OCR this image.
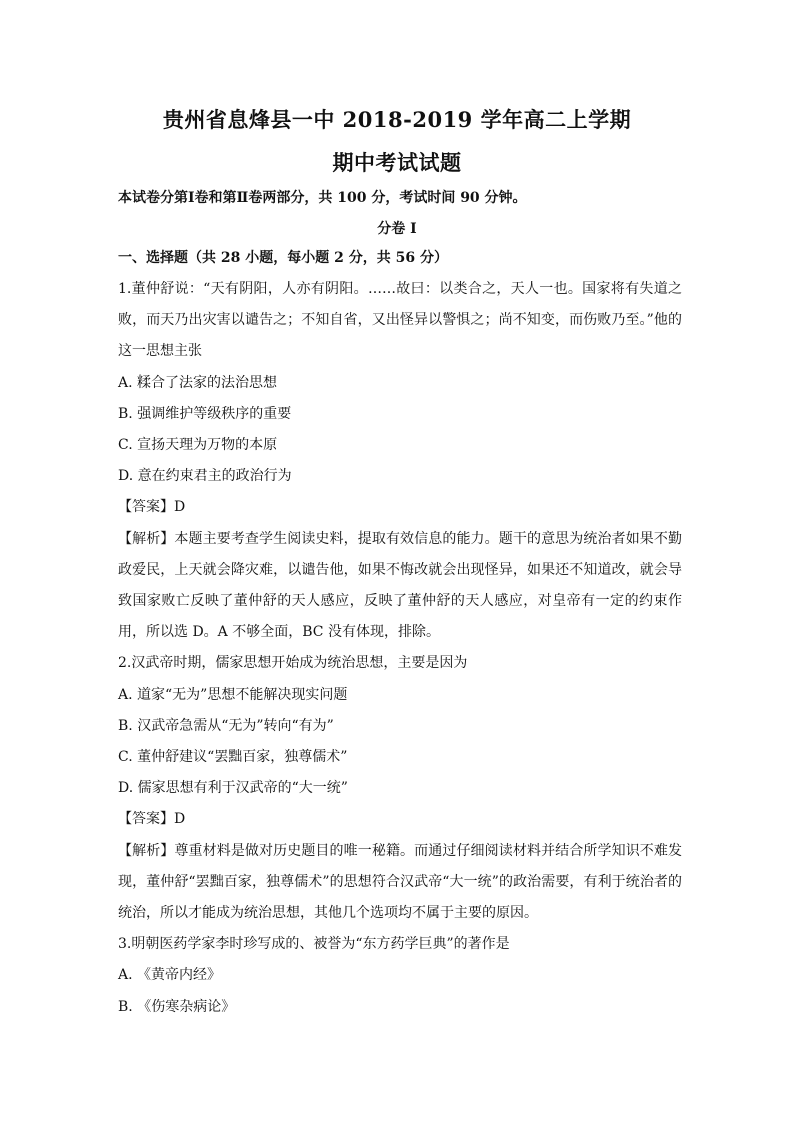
贵州省息烽县一中 2018-2019 学年高二上学期
期中考试试题

本试卷分第Ⅰ卷和第Ⅱ卷两部分，共 100 分，考试时间 90 分钟。

分卷 I

一、选择题（共 28 小题，每小题 2 分，共 56 分）

1.董仲舒说：“天有阴阳，人亦有阴阳。……故曰：以类合之，天人一也。国家将有失道之败，而天乃出灾害以谴告之；不知自省，又出怪异以警惧之；尚不知变，而伤败乃至。”他的这一思想主张

A. 糅合了法家的法治思想

B. 强调维护等级秩序的重要

C. 宣扬天理为万物的本原

D. 意在约束君主的政治行为

【答案】D

【解析】本题主要考查学生阅读史料，提取有效信息的能力。题干的意思为统治者如果不勤政爱民，上天就会降灾难，以谴告他，如果不悔改就会出现怪异，如果还不知道改，就会导致国家败亡反映了董仲舒的天人感应，反映了董仲舒的天人感应，对皇帝有一定的约束作用，所以选 D。A 不够全面，BC 没有体现，排除。

2.汉武帝时期，儒家思想开始成为统治思想，主要是因为

A. 道家“无为”思想不能解决现实问题

B. 汉武帝急需从“无为”转向“有为”

C. 董仲舒建议“罢黜百家，独尊儒术”

D. 儒家思想有利于汉武帝的“大一统”

【答案】D

【解析】尊重材料是做对历史题目的唯一秘籍。而通过仔细阅读材料并结合所学知识不难发现，董仲舒“罢黜百家，独尊儒术”的思想符合汉武帝“大一统”的政治需要，有利于统治者的统治，所以才能成为统治思想，其他几个选项均不属于主要的原因。

3.明朝医药学家李时珍写成的、被誉为“东方药学巨典”的著作是

A. 《黄帝内经》

B. 《伤寒杂病论》
